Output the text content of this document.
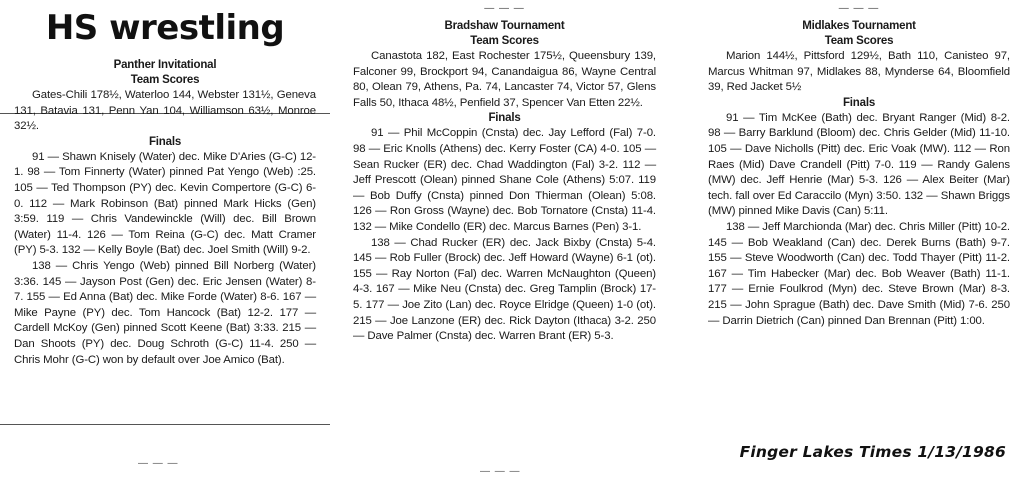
HS wrestling
Panther Invitational
Team Scores

Gates-Chili 178½, Waterloo 144, Webster 131½, Geneva 131, Batavia 131, Penn Yan 104, Williamson 63½, Monroe 32½.

Finals

91 — Shawn Knisely (Water) dec. Mike D'Aries (G-C) 12-1. 98 — Tom Finnerty (Water) pinned Pat Yengo (Web) :25. 105 — Ted Thompson (PY) dec. Kevin Compertore (G-C) 6-0. 112 — Mark Robinson (Bat) pinned Mark Hicks (Gen) 3:59. 119 — Chris Vandewinckle (Will) dec. Bill Brown (Water) 11-4. 126 — Tom Reina (G-C) dec. Matt Cramer (PY) 5-3. 132 — Kelly Boyle (Bat) dec. Joel Smith (Will) 9-2.

138 — Chris Yengo (Web) pinned Bill Norberg (Water) 3:36. 145 — Jayson Post (Gen) dec. Eric Jensen (Water) 8-7. 155 — Ed Anna (Bat) dec. Mike Forde (Water) 8-6. 167 — Mike Payne (PY) dec. Tom Hancock (Bat) 12-2. 177 — Cardell McKoy (Gen) pinned Scott Keene (Bat) 3:33. 215 — Dan Shoots (PY) dec. Doug Schroth (G-C) 11-4. 250 — Chris Mohr (G-C) won by default over Joe Amico (Bat).

— — —
Bradshaw Tournament
Team Scores

Canastota 182, East Rochester 175½, Queensbury 139, Falconer 99, Brockport 94, Canandaigua 86, Wayne Central 80, Olean 79, Athens, Pa. 74, Lancaster 74, Victor 57, Glens Falls 50, Ithaca 48½, Penfield 37, Spencer Van Etten 22½.

Finals

91 — Phil McCoppin (Cnsta) dec. Jay Lefford (Fal) 7-0. 98 — Eric Knolls (Athens) dec. Kerry Foster (CA) 4-0. 105 — Sean Rucker (ER) dec. Chad Waddington (Fal) 3-2. 112 — Jeff Prescott (Olean) pinned Shane Cole (Athens) 5:07. 119 — Bob Duffy (Cnsta) pinned Don Thierman (Olean) 5:08. 126 — Ron Gross (Wayne) dec. Bob Tornatore (Cnsta) 11-4. 132 — Mike Condello (ER) dec. Marcus Barnes (Pen) 3-1.

138 — Chad Rucker (ER) dec. Jack Bixby (Cnsta) 5-4. 145 — Rob Fuller (Brock) dec. Jeff Howard (Wayne) 6-1 (ot). 155 — Ray Norton (Fal) dec. Warren McNaughton (Queen) 4-3. 167 — Mike Neu (Cnsta) dec. Greg Tamplin (Brock) 17-5. 177 — Joe Zito (Lan) dec. Royce Elridge (Queen) 1-0 (ot). 215 — Joe Lanzone (ER) dec. Rick Dayton (Ithaca) 3-2. 250 — Dave Palmer (Cnsta) dec. Warren Brant (ER) 5-3.

— — —
Midlakes Tournament
Team Scores

Marion 144½, Pittsford 129½, Bath 110, Canisteo 97, Marcus Whitman 97, Midlakes 88, Mynderse 64, Bloomfield 39, Red Jacket 5½

Finals

91 — Tim McKee (Bath) dec. Bryant Ranger (Mid) 8-2. 98 — Barry Barklund (Bloom) dec. Chris Gelder (Mid) 11-10. 105 — Dave Nicholls (Pitt) dec. Eric Voak (MW). 112 — Ron Raes (Mid) Dave Crandell (Pitt) 7-0. 119 — Randy Galens (MW) dec. Jeff Henrie (Mar) 5-3. 126 — Alex Beiter (Mar) tech. fall over Ed Caraccilo (Myn) 3:50. 132 — Shawn Briggs (MW) pinned Mike Davis (Can) 5:11.

138 — Jeff Marchionda (Mar) dec. Chris Miller (Pitt) 10-2. 145 — Bob Weakland (Can) dec. Derek Burns (Bath) 9-7. 155 — Steve Woodworth (Can) dec. Todd Thayer (Pitt) 11-2. 167 — Tim Habecker (Mar) dec. Bob Weaver (Bath) 11-1. 177 — Ernie Foulkrod (Myn) dec. Steve Brown (Mar) 8-3. 215 — John Sprague (Bath) dec. Dave Smith (Mid) 7-6. 250 — Darrin Dietrich (Can) pinned Dan Brennan (Pitt) 1:00.

— — —
— — —
Finger Lakes Times 1/13/1986
